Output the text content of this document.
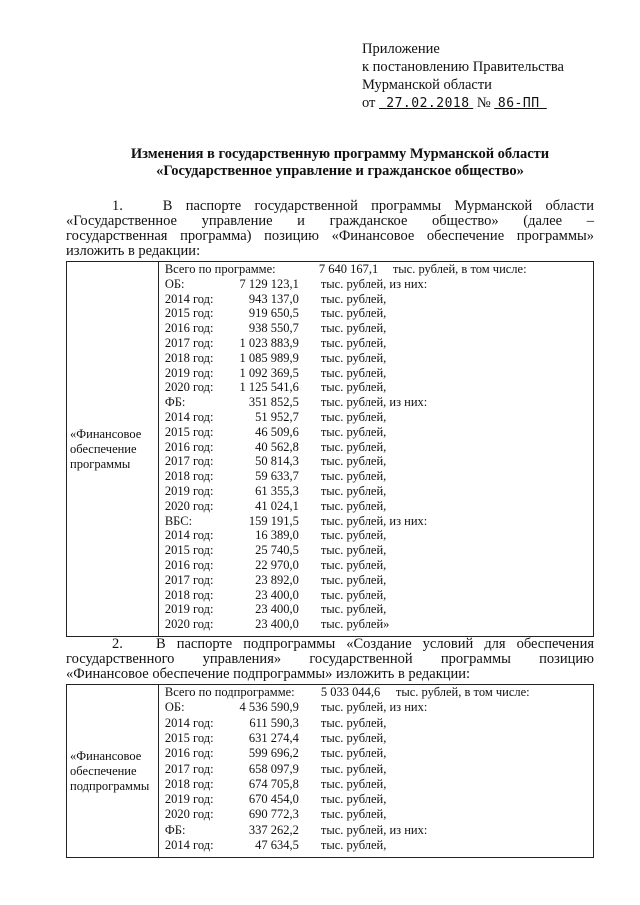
Приложение
к постановлению Правительства
Мурманской области
от 27.02.2018 № 86-ПП
Изменения в государственную программу Мурманской области
«Государственное управление и гражданское общество»
1.	В паспорте государственной программы Мурманской области
«Государственное управление и гражданское общество» (далее –
государственная программа) позицию «Финансовое обеспечение программы»
изложить в редакции:
«Финансовое
обеспечение
программы

Всего по программе:	7 640 167,1 тыс. рублей, в том числе:
ОБ:	7 129 123,1 тыс. рублей, из них:
2014 год:	943 137,0 тыс. рублей,
2015 год:	919 650,5 тыс. рублей,
2016 год:	938 550,7 тыс. рублей,
2017 год: 1 023 883,9 тыс. рублей,
2018 год: 1 085 989,9 тыс. рублей,
2019 год: 1 092 369,5 тыс. рублей,
2020 год: 1 125 541,6 тыс. рублей,
ФБ:	351 852,5 тыс. рублей, из них:
2014 год:	51 952,7 тыс. рублей,
2015 год:	46 509,6 тыс. рублей,
2016 год:	40 562,8 тыс. рублей,
2017 год:	50 814,3 тыс. рублей,
2018 год:	59 633,7 тыс. рублей,
2019 год:	61 355,3 тыс. рублей,
2020 год:	41 024,1 тыс. рублей,
ВБС:	159 191,5 тыс. рублей, из них:
2014 год:	16 389,0 тыс. рублей,
2015 год:	25 740,5 тыс. рублей,
2016 год:	22 970,0 тыс. рублей,
2017 год:	23 892,0 тыс. рублей,
2018 год:	23 400,0 тыс. рублей,
2019 год:	23 400,0 тыс. рублей,
2020 год:	23 400,0 тыс. рублей»
2. В паспорте подпрограммы «Создание условий для обеспечения
государственного управления» государственной программы позицию
«Финансовое обеспечение подпрограммы» изложить в редакции:
«Финансовое
обеспечение
подпрограммы

Всего по подпрограмме: 5 033 044,6 тыс. рублей, в том числе:
ОБ:	4 536 590,9 тыс. рублей, из них:
2014 год:	611 590,3 тыс. рублей,
2015 год:	631 274,4 тыс. рублей,
2016 год:	599 696,2 тыс. рублей,
2017 год:	658 097,9 тыс. рублей,
2018 год:	674 705,8 тыс. рублей,
2019 год:	670 454,0 тыс. рублей,
2020 год:	690 772,3 тыс. рублей,
ФБ:	337 262,2 тыс. рублей, из них:
2014 год:	47 634,5 тыс. рублей,
